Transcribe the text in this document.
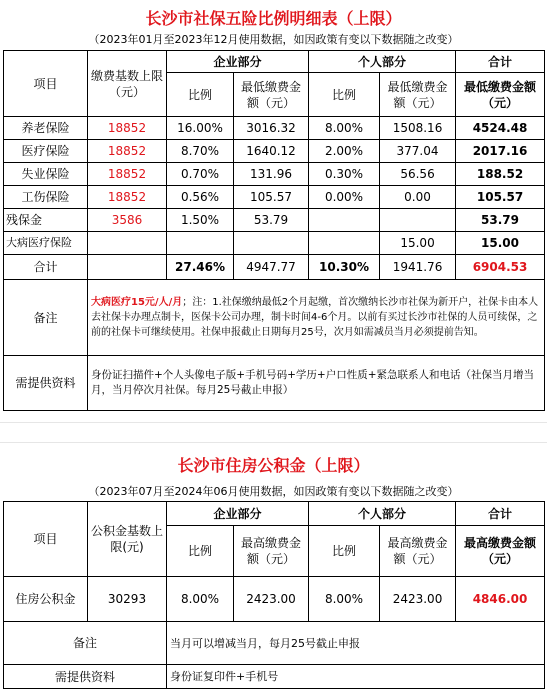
长沙市社保五险比例明细表（上限）
（2023年01月至2023年12月使用数据，如因政策有变以下数据随之改变）
项目	缴费基数上限（元）	企业部分		个人部分		合计
		比例	最低缴费金额（元）	比例	最低缴费金额（元）	最低缴费金额（元）
养老保险	18852	16.00%	3016.32	8.00%	1508.16	4524.48
医疗保险	18852	8.70%	1640.12	2.00%	377.04	2017.16
失业保险	18852	0.70%	131.96	0.30%	56.56	188.52
工伤保险	18852	0.56%	105.57	0.00%	0.00	105.57
残保金	3586	1.50%	53.79			53.79
大病医疗保险					15.00	15.00
合计		27.46%	4947.77	10.30%	1941.76	6904.53
备注	大病医疗15元/人/月；注：1.社保缴纳最低2个月起缴，首次缴纳长沙市社保为新开户，社保卡由本人去社保卡办理点制卡，医保卡公司办理，制卡时间4-6个月。以前有买过长沙市社保的人员可续保，之前的社保卡可继续使用。社保申报截止日期每月25号，次月如需减员当月必须提前告知。					
需提供资料	身份证扫描件+个人头像电子版+手机号码+学历+户口性质+紧急联系人和电话（社保当月增当月，当月停次月社保。每月25号截止申报）					
长沙市住房公积金（上限）
（2023年07月至2024年06月使用数据，如因政策有变以下数据随之改变）
项目	公积金基数上限(元)	企业部分		个人部分		合计
		比例	最高缴费金额（元）	比例	最高缴费金额（元）	最高缴费金额（元）
住房公积金	30293	8.00%	2423.00	8.00%	2423.00	4846.00
备注		当月可以增减当月，每月25号截止申报				
需提供资料		身份证复印件+手机号				
